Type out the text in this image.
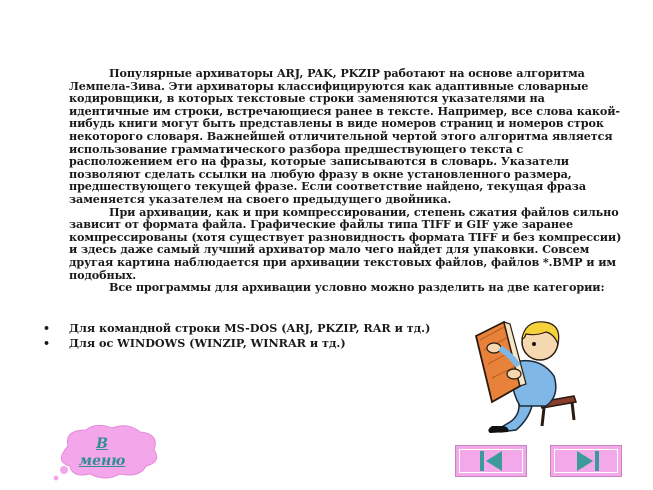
Популярные архиваторы ARJ, PAK, PKZIP работают на основе алгоритма Лемпела-Зива. Эти архиваторы классифицируются как адаптивные словарные кодировщики, в которых текстовые строки заменяются указателями на идентичные им строки, встречающиеся ранее в тексте. Например, все слова какой-нибудь книги могут быть представлены в виде номеров страниц и номеров строк некоторого словаря. Важнейшей отличительной чертой этого алгоритма является использование грамматического разбора предшествующего текста с расположением его на фразы, которые записываются в словарь. Указатели позволяют сделать ссылки на любую фразу в окне установленного размера, предшествующего текущей фразе. Если соответствие найдено, текущая фраза заменяется указателем на своего предыдущего двойника.

При архивации, как и при компрессировании, степень сжатия файлов сильно зависит от формата файла. Графические файлы типа TIFF и GIF уже заранее компрессированы (хотя существует разновидность формата TIFF и без компрессии) и здесь даже самый лучший архиватор мало чего найдет для упаковки. Совсем другая картина наблюдается при архивации текстовых файлов, файлов *.BMP и им подобных.

Все программы для архивации условно можно разделить на две категории:

• Для командной строки MS-DOS (ARJ, PKZIP, RAR и тд.)
• Для ос WINDOWS (WINZIP, WINRAR и тд.)
В
меню
